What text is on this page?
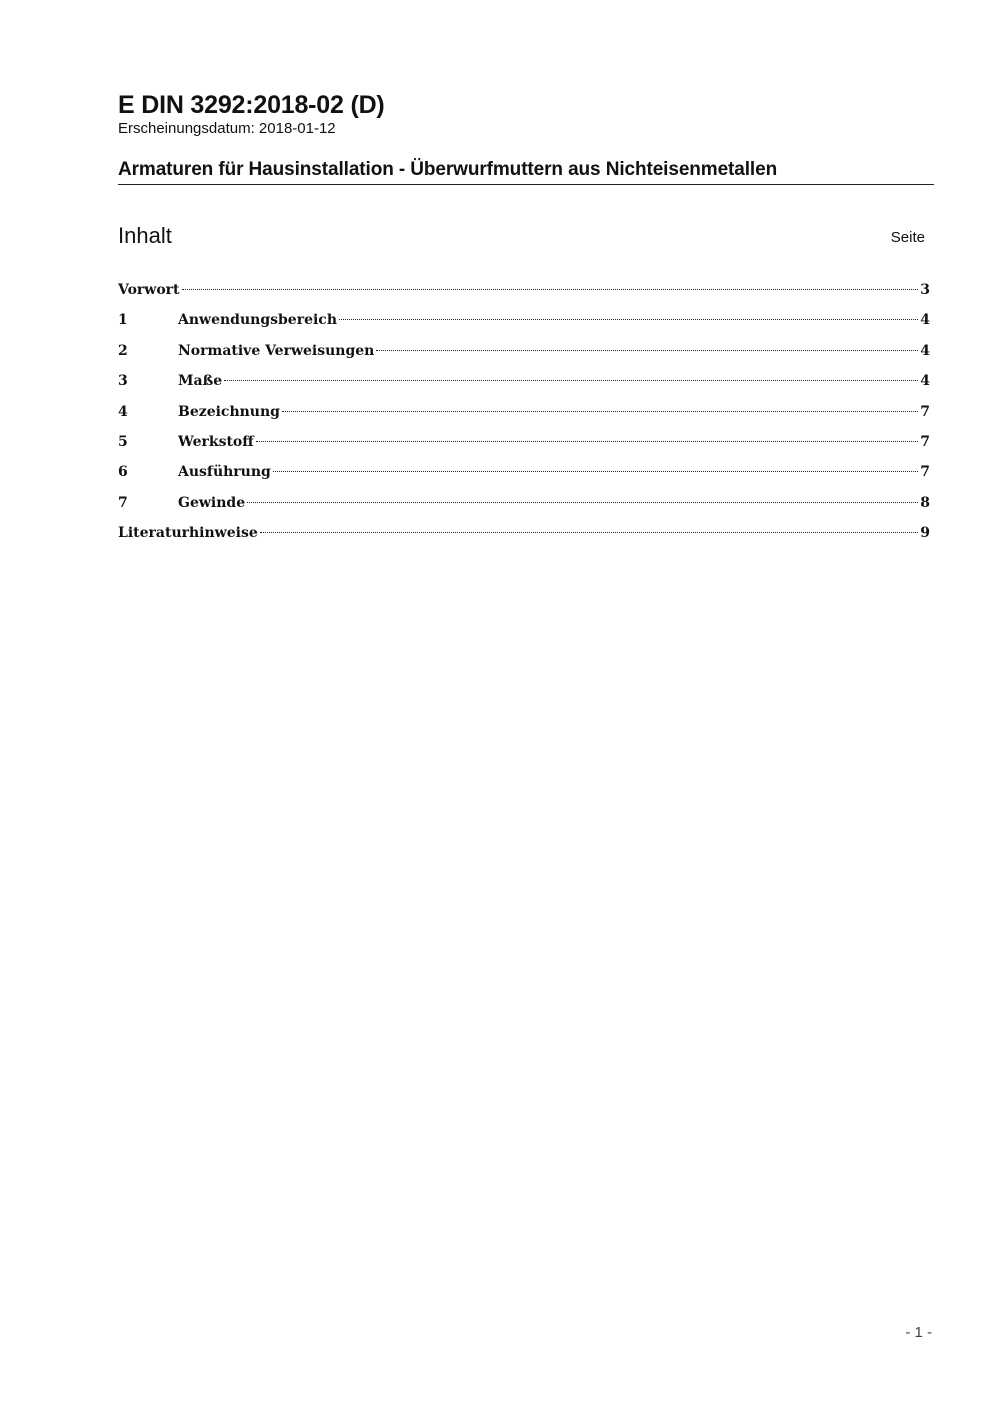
E DIN 3292:2018-02 (D)

Erscheinungsdatum: 2018-01-12

Armaturen für Hausinstallation - Überwurfmuttern aus Nichteisenmetallen
Inhalt	Seite
Vorwort	3
1	Anwendungsbereich	4
2	Normative Verweisungen	4
3	Maße	4
4	Bezeichnung	7
5	Werkstoff	7
6	Ausführung	7
7	Gewinde	8
Literaturhinweise	9
- 1 -
